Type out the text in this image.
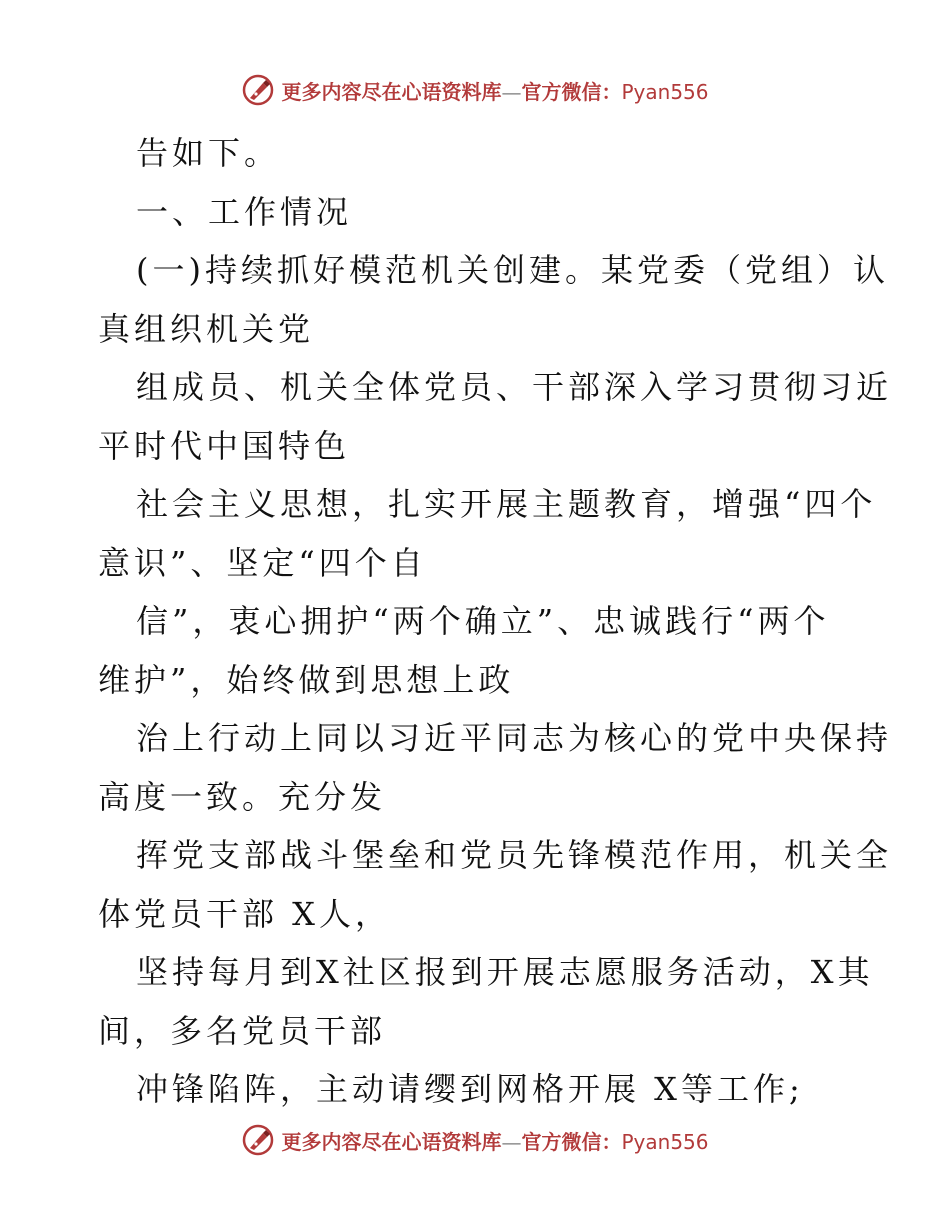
更多内容尽在心语资料库—官方微信：Pyan556
告如下。
一、工作情况
(一)持续抓好模范机关创建。某党委（党组）认
真组织机关党
组成员、机关全体党员、干部深入学习贯彻习近
平时代中国特色
社会主义思想，扎实开展主题教育，增强“四个
意识”、坚定“四个自
信”，衷心拥护“两个确立”、忠诚践行“两个
维护”，始终做到思想上政
治上行动上同以习近平同志为核心的党中央保持
高度一致。充分发
挥党支部战斗堡垒和党员先锋模范作用，机关全
体党员干部 X人，
坚持每月到X社区报到开展志愿服务活动，X其
间，多名党员干部
冲锋陷阵，主动请缨到网格开展 X等工作;
更多内容尽在心语资料库—官方微信：Pyan556
